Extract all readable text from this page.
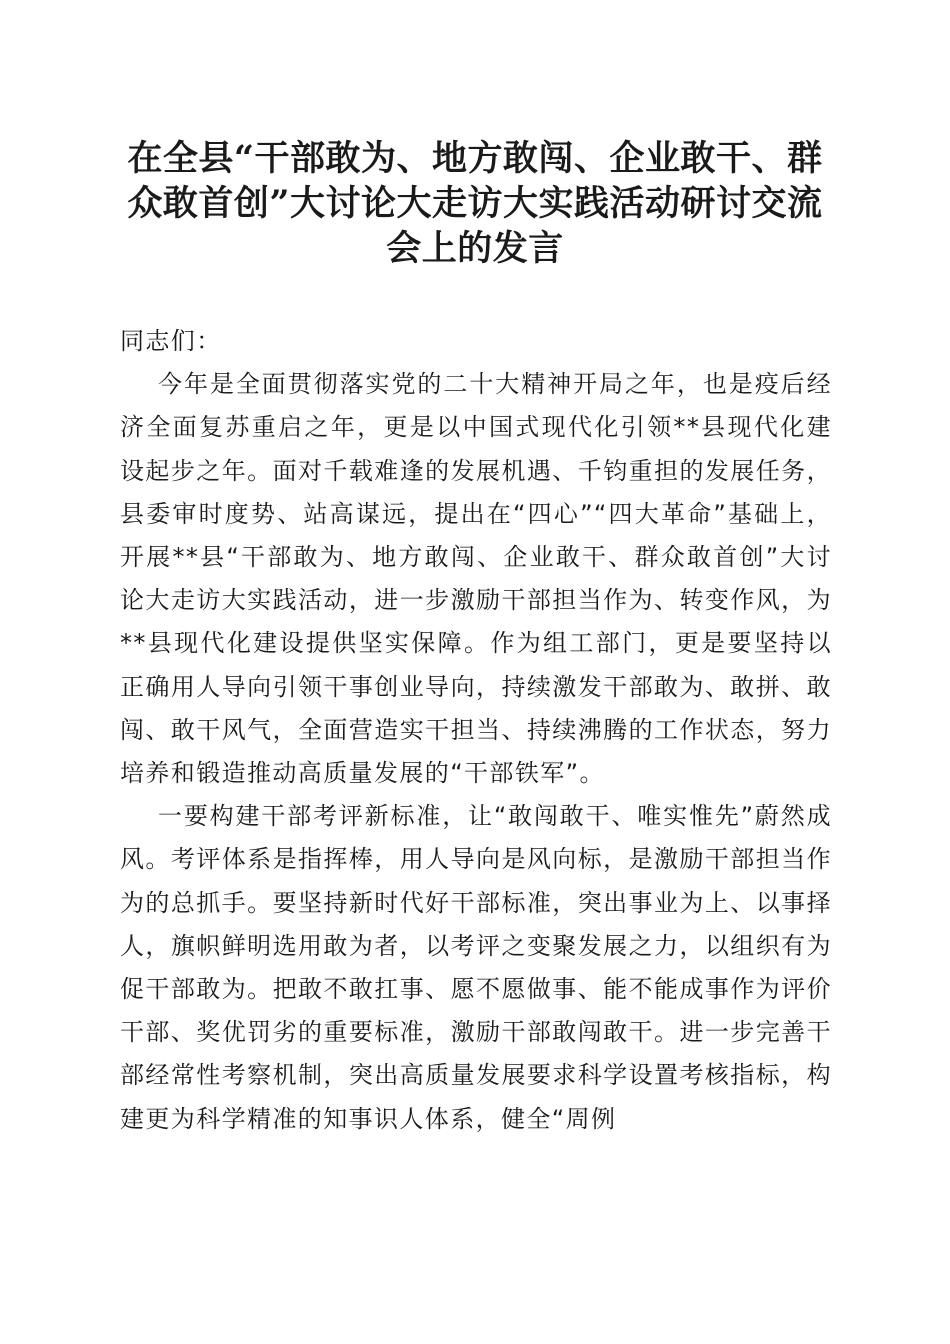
在全县“干部敢为、地方敢闯、企业敢干、群众敢首创”大讨论大走访大实践活动研讨交流会上的发言

同志们：

今年是全面贯彻落实党的二十大精神开局之年，也是疫后经济全面复苏重启之年，更是以中国式现代化引领**县现代化建设起步之年。面对千载难逢的发展机遇、千钧重担的发展任务，县委审时度势、站高谋远，提出在“四心”“四大革命”基础上，开展**县“干部敢为、地方敢闯、企业敢干、群众敢首创”大讨论大走访大实践活动，进一步激励干部担当作为、转变作风，为**县现代化建设提供坚实保障。作为组工部门，更是要坚持以正确用人导向引领干事创业导向，持续激发干部敢为、敢拼、敢闯、敢干风气，全面营造实干担当、持续沸腾的工作状态，努力培养和锻造推动高质量发展的“干部铁军”。

一要构建干部考评新标准，让“敢闯敢干、唯实惟先”蔚然成风。考评体系是指挥棒，用人导向是风向标，是激励干部担当作为的总抓手。要坚持新时代好干部标准，突出事业为上、以事择人，旗帜鲜明选用敢为者，以考评之变聚发展之力，以组织有为促干部敢为。把敢不敢扛事、愿不愿做事、能不能成事作为评价干部、奖优罚劣的重要标准，激励干部敢闯敢干。进一步完善干部经常性考察机制，突出高质量发展要求科学设置考核指标，构建更为科学精准的知事识人体系，健全“周例
